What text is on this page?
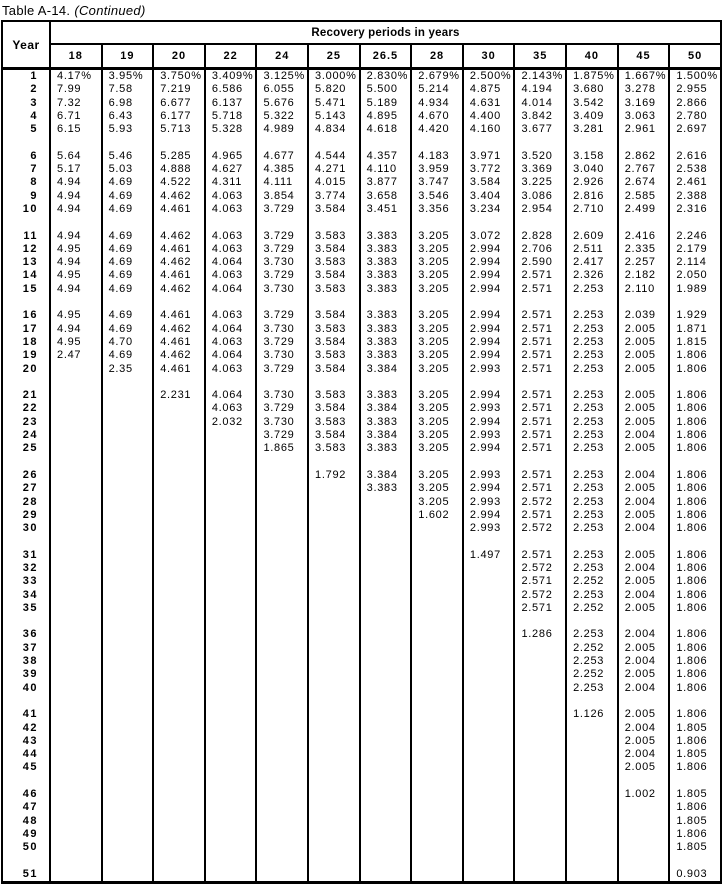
Table A-14. (Continued)
Year	Recovery periods in years												
	18	19	20	22	24	25	26.5	28	30	35	40	45	50
1	4.17%	3.95%	3.750%	3.409%	3.125%	3.000%	2.830%	2.679%	2.500%	2.143%	1.875%	1.667%	1.500%
2	7.99	7.58	7.219	6.586	6.055	5.820	5.500	5.214	4.875	4.194	3.680	3.278	2.955
3	7.32	6.98	6.677	6.137	5.676	5.471	5.189	4.934	4.631	4.014	3.542	3.169	2.866
4	6.71	6.43	6.177	5.718	5.322	5.143	4.895	4.670	4.400	3.842	3.409	3.063	2.780
5	6.15	5.93	5.713	5.328	4.989	4.834	4.618	4.420	4.160	3.677	3.281	2.961	2.697

6	5.64	5.46	5.285	4.965	4.677	4.544	4.357	4.183	3.971	3.520	3.158	2.862	2.616
7	5.17	5.03	4.888	4.627	4.385	4.271	4.110	3.959	3.772	3.369	3.040	2.767	2.538
8	4.94	4.69	4.522	4.311	4.111	4.015	3.877	3.747	3.584	3.225	2.926	2.674	2.461
9	4.94	4.69	4.462	4.063	3.854	3.774	3.658	3.546	3.404	3.086	2.816	2.585	2.388
10	4.94	4.69	4.461	4.063	3.729	3.584	3.451	3.356	3.234	2.954	2.710	2.499	2.316

11	4.94	4.69	4.462	4.063	3.729	3.583	3.383	3.205	3.072	2.828	2.609	2.416	2.246
12	4.95	4.69	4.461	4.063	3.729	3.584	3.383	3.205	2.994	2.706	2.511	2.335	2.179
13	4.94	4.69	4.462	4.064	3.730	3.583	3.383	3.205	2.994	2.590	2.417	2.257	2.114
14	4.95	4.69	4.461	4.063	3.729	3.584	3.383	3.205	2.994	2.571	2.326	2.182	2.050
15	4.94	4.69	4.462	4.064	3.730	3.583	3.383	3.205	2.994	2.571	2.253	2.110	1.989

16	4.95	4.69	4.461	4.063	3.729	3.584	3.383	3.205	2.994	2.571	2.253	2.039	1.929
17	4.94	4.69	4.462	4.064	3.730	3.583	3.383	3.205	2.994	2.571	2.253	2.005	1.871
18	4.95	4.70	4.461	4.063	3.729	3.584	3.383	3.205	2.994	2.571	2.253	2.005	1.815
19	2.47	4.69	4.462	4.064	3.730	3.583	3.383	3.205	2.994	2.571	2.253	2.005	1.806
20		2.35	4.461	4.063	3.729	3.584	3.384	3.205	2.993	2.571	2.253	2.005	1.806

21			2.231	4.064	3.730	3.583	3.383	3.205	2.994	2.571	2.253	2.005	1.806
22				4.063	3.729	3.584	3.384	3.205	2.993	2.571	2.253	2.005	1.806
23				2.032	3.730	3.583	3.383	3.205	2.994	2.571	2.253	2.005	1.806
24					3.729	3.584	3.384	3.205	2.993	2.571	2.253	2.004	1.806
25					1.865	3.583	3.383	3.205	2.994	2.571	2.253	2.005	1.806

26						1.792	3.384	3.205	2.993	2.571	2.253	2.004	1.806
27							3.383	3.205	2.994	2.571	2.253	2.005	1.806
28								3.205	2.993	2.572	2.253	2.004	1.806
29								1.602	2.994	2.571	2.253	2.005	1.806
30									2.993	2.572	2.253	2.004	1.806

31									1.497	2.571	2.253	2.005	1.806
32										2.572	2.253	2.004	1.806
33										2.571	2.252	2.005	1.806
34										2.572	2.253	2.004	1.806
35										2.571	2.252	2.005	1.806

36										1.286	2.253	2.004	1.806
37											2.252	2.005	1.806
38											2.253	2.004	1.806
39											2.252	2.005	1.806
40											2.253	2.004	1.806

41											1.126	2.005	1.806
42												2.004	1.805
43												2.005	1.806
44												2.004	1.805
45												2.005	1.806

46												1.002	1.805
47													1.806
48													1.805
49													1.806
50													1.805

51													0.903
